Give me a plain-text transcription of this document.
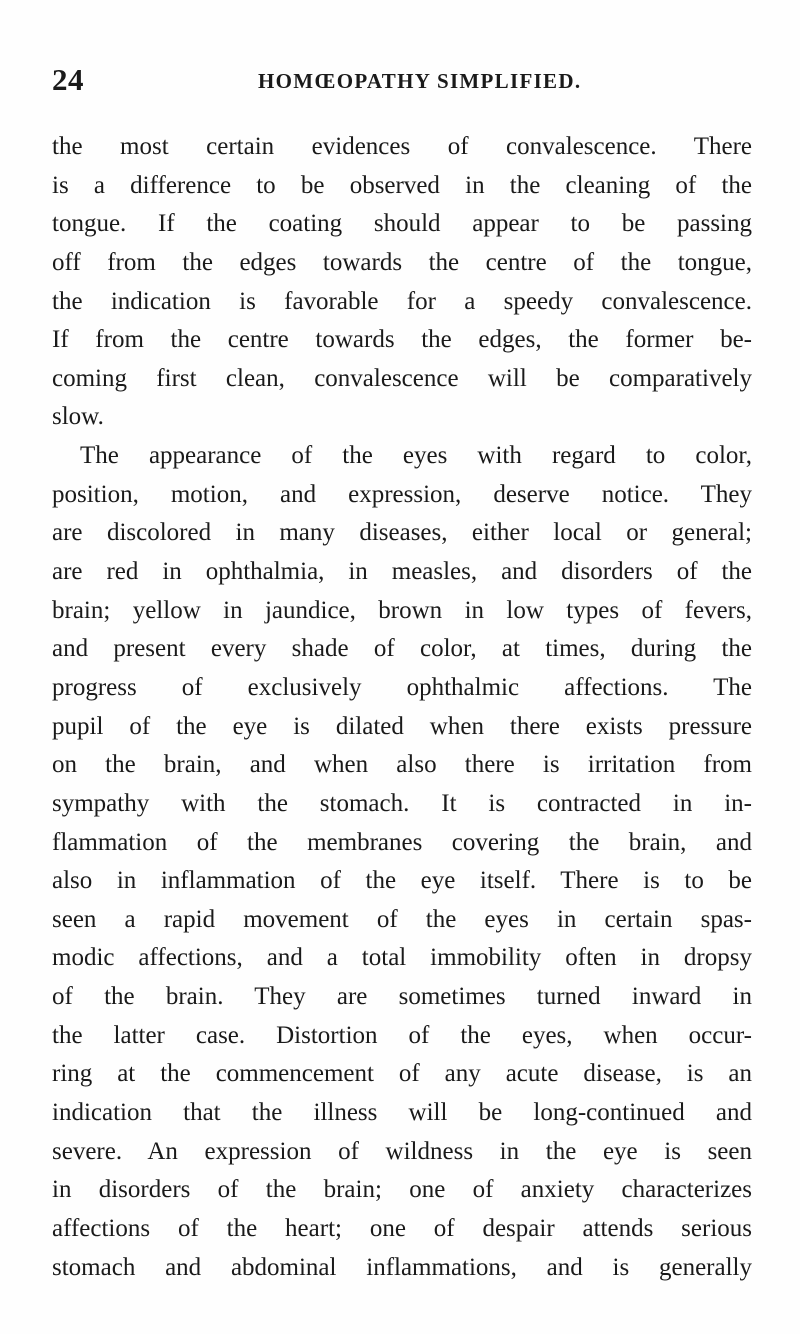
24	HOMŒOPATHY SIMPLIFIED.
the most certain evidences of convalescence. There
is a difference to be observed in the cleaning of the
tongue. If the coating should appear to be passing
off from the edges towards the centre of the tongue,
the indication is favorable for a speedy convalescence.
If from the centre towards the edges, the former be-
coming first clean, convalescence will be comparatively
slow.
The appearance of the eyes with regard to color,
position, motion, and expression, deserve notice. They
are discolored in many diseases, either local or general;
are red in ophthalmia, in measles, and disorders of the
brain; yellow in jaundice, brown in low types of fevers,
and present every shade of color, at times, during the
progress of exclusively ophthalmic affections. The
pupil of the eye is dilated when there exists pressure
on the brain, and when also there is irritation from
sympathy with the stomach. It is contracted in in-
flammation of the membranes covering the brain, and
also in inflammation of the eye itself. There is to be
seen a rapid movement of the eyes in certain spas-
modic affections, and a total immobility often in dropsy
of the brain. They are sometimes turned inward in
the latter case. Distortion of the eyes, when occur-
ring at the commencement of any acute disease, is an
indication that the illness will be long-continued and
severe. An expression of wildness in the eye is seen
in disorders of the brain; one of anxiety characterizes
affections of the heart; one of despair attends serious
stomach and abdominal inflammations, and is generally
